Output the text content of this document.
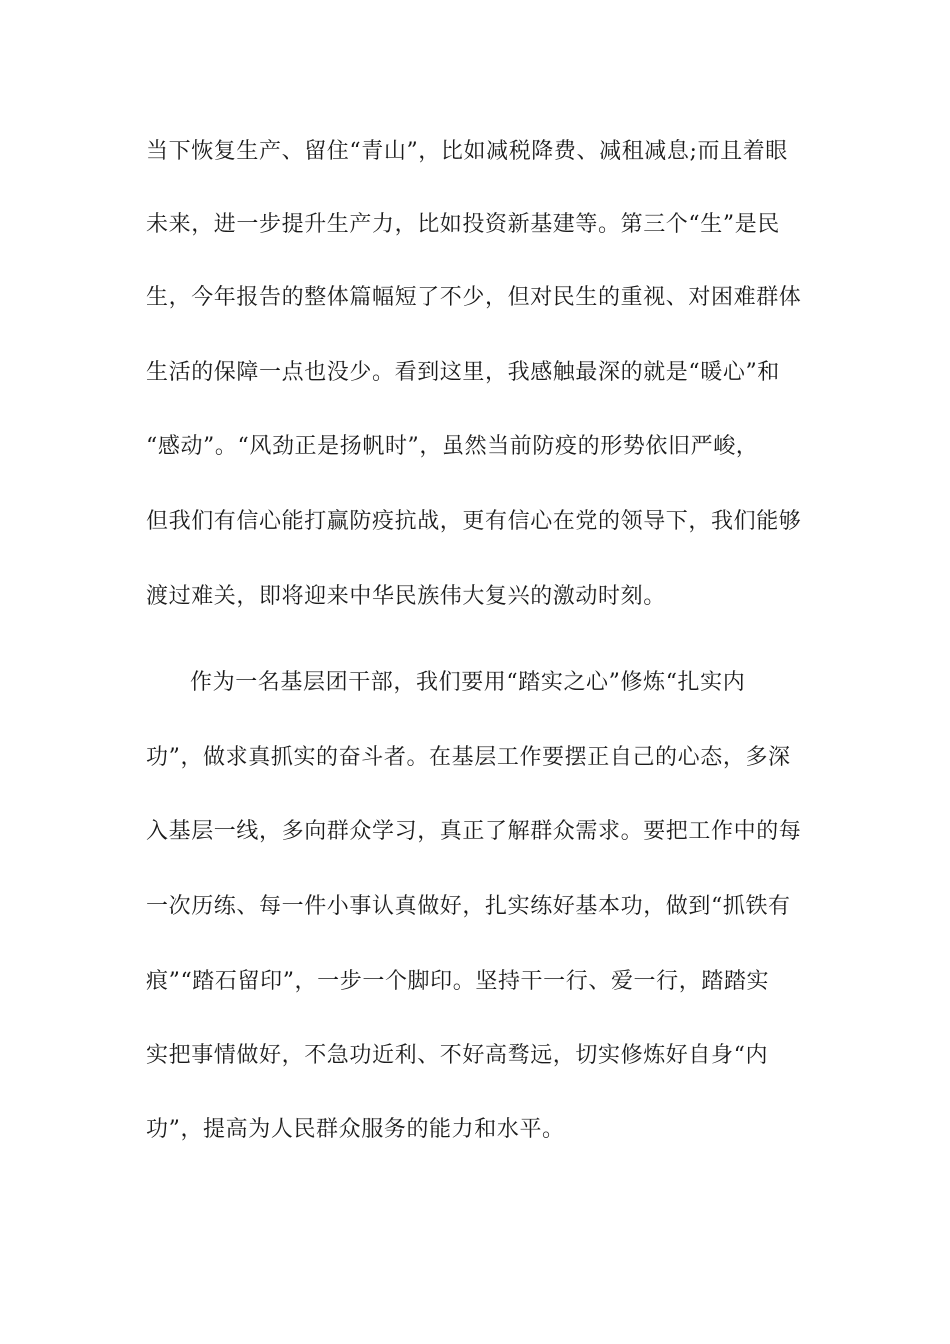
当下恢复生产、留住“青山”，比如减税降费、减租减息;而且着眼
未来，进一步提升生产力，比如投资新基建等。第三个“生”是民
生，今年报告的整体篇幅短了不少，但对民生的重视、对困难群体
生活的保障一点也没少。看到这里，我感触最深的就是“暖心”和
“感动”。“风劲正是扬帆时”，虽然当前防疫的形势依旧严峻，
但我们有信心能打赢防疫抗战，更有信心在党的领导下，我们能够
渡过难关，即将迎来中华民族伟大复兴的激动时刻。
作为一名基层团干部，我们要用“踏实之心”修炼“扎实内
功”，做求真抓实的奋斗者。在基层工作要摆正自己的心态，多深
入基层一线，多向群众学习，真正了解群众需求。要把工作中的每
一次历练、每一件小事认真做好，扎实练好基本功，做到“抓铁有
痕”“踏石留印”，一步一个脚印。坚持干一行、爱一行，踏踏实
实把事情做好，不急功近利、不好高骛远，切实修炼好自身“内
功”，提高为人民群众服务的能力和水平。
